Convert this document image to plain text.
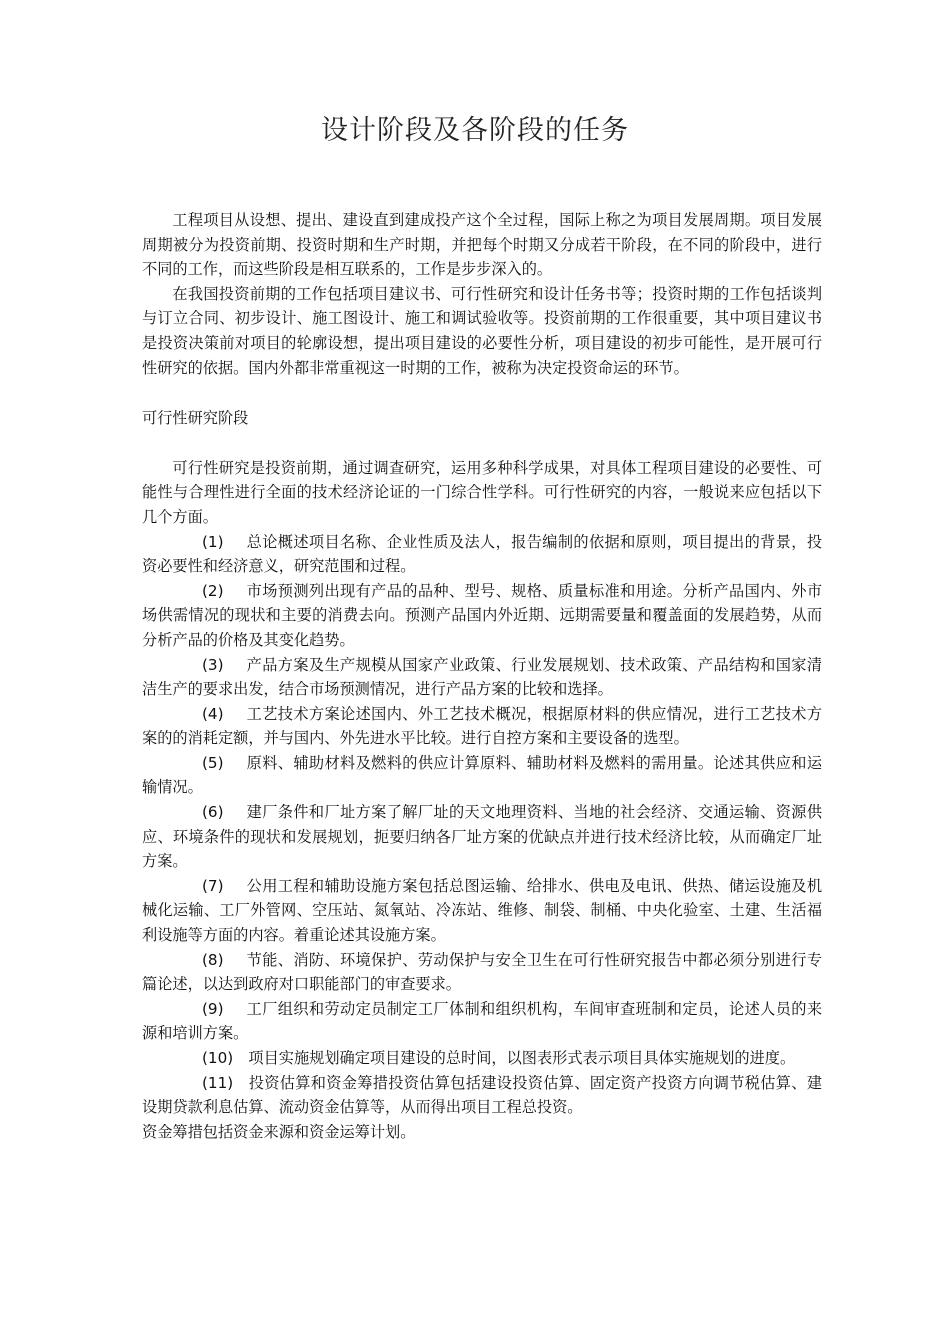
设计阶段及各阶段的任务

工程项目从设想、提出、建设直到建成投产这个全过程，国际上称之为项目发展周期。项目发展周期被分为投资前期、投资时期和生产时期，并把每个时期又分成若干阶段，在不同的阶段中，进行不同的工作，而这些阶段是相互联系的，工作是步步深入的。

在我国投资前期的工作包括项目建议书、可行性研究和设计任务书等；投资时期的工作包括谈判与订立合同、初步设计、施工图设计、施工和调试验收等。投资前期的工作很重要，其中项目建议书是投资决策前对项目的轮廓设想，提出项目建设的必要性分析，项目建设的初步可能性，是开展可行性研究的依据。国内外都非常重视这一时期的工作，被称为决定投资命运的环节。

可行性研究阶段

可行性研究是投资前期，通过调查研究，运用多种科学成果，对具体工程项目建设的必要性、可能性与合理性进行全面的技术经济论证的一门综合性学科。可行性研究的内容，一般说来应包括以下几个方面。

(1)   总论概述项目名称、企业性质及法人，报告编制的依据和原则，项目提出的背景，投资必要性和经济意义，研究范围和过程。

(2)   市场预测列出现有产品的品种、型号、规格、质量标准和用途。分析产品国内、外市场供需情况的现状和主要的消费去向。预测产品国内外近期、远期需要量和覆盖面的发展趋势，从而分析产品的价格及其变化趋势。

(3)   产品方案及生产规模从国家产业政策、行业发展规划、技术政策、产品结构和国家清洁生产的要求出发，结合市场预测情况，进行产品方案的比较和选择。

(4)   工艺技术方案论述国内、外工艺技术概况，根据原材料的供应情况，进行工艺技术方案的的消耗定额，并与国内、外先进水平比较。进行自控方案和主要设备的选型。

(5)   原料、辅助材料及燃料的供应计算原料、辅助材料及燃料的需用量。论述其供应和运输情况。

(6)   建厂条件和厂址方案了解厂址的天文地理资料、当地的社会经济、交通运输、资源供应、环境条件的现状和发展规划，扼要归纳各厂址方案的优缺点并进行技术经济比较，从而确定厂址方案。

(7)   公用工程和辅助设施方案包括总图运输、给排水、供电及电讯、供热、储运设施及机械化运输、工厂外管网、空压站、氮氧站、冷冻站、维修、制袋、制桶、中央化验室、土建、生活福利设施等方面的内容。着重论述其设施方案。

(8)   节能、消防、环境保护、劳动保护与安全卫生在可行性研究报告中都必须分别进行专篇论述，以达到政府对口职能部门的审查要求。

(9)   工厂组织和劳动定员制定工厂体制和组织机构，车间审查班制和定员，论述人员的来源和培训方案。

(10)  项目实施规划确定项目建设的总时间，以图表形式表示项目具体实施规划的进度。

(11)  投资估算和资金筹措投资估算包括建设投资估算、固定资产投资方向调节税估算、建设期贷款利息估算、流动资金估算等，从而得出项目工程总投资。

资金筹措包括资金来源和资金运筹计划。
